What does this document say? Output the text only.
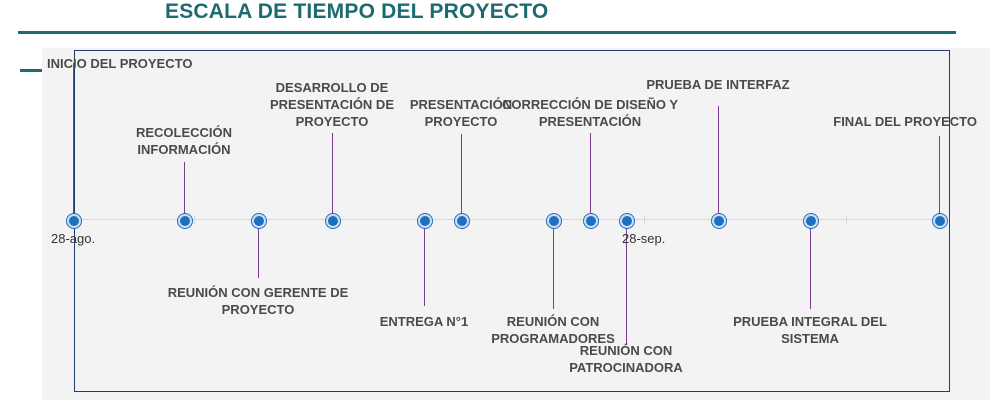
ESCALA DE TIEMPO DEL PROYECTO
INICIO DEL PROYECTO
RECOLECCIÓN INFORMACIÓN
REUNIÓN CON GERENTE DE PROYECTO
DESARROLLO DE PRESENTACIÓN DE PROYECTO
ENTREGA N°1
PRESENTACIÓN PROYECTO
REUNIÓN CON PROGRAMADORES
CORRECCIÓN DE DISEÑO Y PRESENTACIÓN
REUNIÓN CON PATROCINADORA
PRUEBA DE INTERFAZ
PRUEBA INTEGRAL DEL SISTEMA
FINAL DEL PROYECTO
28-ago.	28-sep.
